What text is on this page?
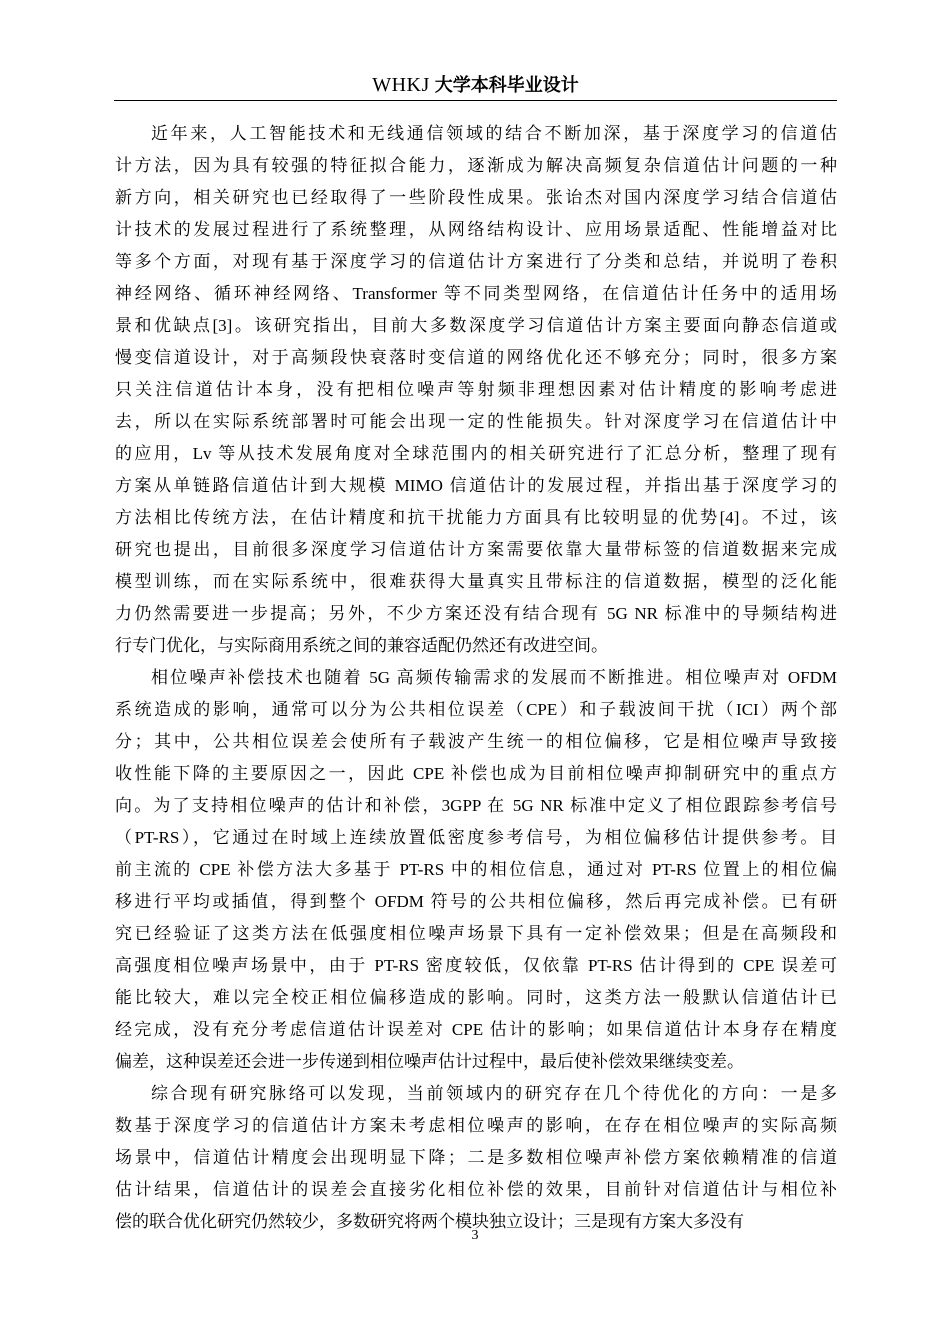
WHKJ 大学本科毕业设计
近年来，人工智能技术和无线通信领域的结合不断加深，基于深度学习的信道估
计方法，因为具有较强的特征拟合能力，逐渐成为解决高频复杂信道估计问题的一种
新方向，相关研究也已经取得了一些阶段性成果。张诒杰对国内深度学习结合信道估
计技术的发展过程进行了系统整理，从网络结构设计、应用场景适配、性能增益对比
等多个方面，对现有基于深度学习的信道估计方案进行了分类和总结，并说明了卷积
神经网络、循环神经网络、Transformer 等不同类型网络，在信道估计任务中的适用场
景和优缺点[3]。该研究指出，目前大多数深度学习信道估计方案主要面向静态信道或
慢变信道设计，对于高频段快衰落时变信道的网络优化还不够充分；同时，很多方案
只关注信道估计本身，没有把相位噪声等射频非理想因素对估计精度的影响考虑进
去，所以在实际系统部署时可能会出现一定的性能损失。针对深度学习在信道估计中
的应用，Lv 等从技术发展角度对全球范围内的相关研究进行了汇总分析，整理了现有
方案从单链路信道估计到大规模 MIMO 信道估计的发展过程，并指出基于深度学习的
方法相比传统方法，在估计精度和抗干扰能力方面具有比较明显的优势[4]。不过，该
研究也提出，目前很多深度学习信道估计方案需要依靠大量带标签的信道数据来完成
模型训练，而在实际系统中，很难获得大量真实且带标注的信道数据，模型的泛化能
力仍然需要进一步提高；另外，不少方案还没有结合现有 5G NR 标准中的导频结构进
行专门优化，与实际商用系统之间的兼容适配仍然还有改进空间。
相位噪声补偿技术也随着 5G 高频传输需求的发展而不断推进。相位噪声对 OFDM
系统造成的影响，通常可以分为公共相位误差（CPE）和子载波间干扰（ICI）两个部
分；其中，公共相位误差会使所有子载波产生统一的相位偏移，它是相位噪声导致接
收性能下降的主要原因之一，因此 CPE 补偿也成为目前相位噪声抑制研究中的重点方
向。为了支持相位噪声的估计和补偿，3GPP 在 5G NR 标准中定义了相位跟踪参考信号
（PT-RS），它通过在时域上连续放置低密度参考信号，为相位偏移估计提供参考。目
前主流的 CPE 补偿方法大多基于 PT-RS 中的相位信息，通过对 PT-RS 位置上的相位偏
移进行平均或插值，得到整个 OFDM 符号的公共相位偏移，然后再完成补偿。已有研
究已经验证了这类方法在低强度相位噪声场景下具有一定补偿效果；但是在高频段和
高强度相位噪声场景中，由于 PT-RS 密度较低，仅依靠 PT-RS 估计得到的 CPE 误差可
能比较大，难以完全校正相位偏移造成的影响。同时，这类方法一般默认信道估计已
经完成，没有充分考虑信道估计误差对 CPE 估计的影响；如果信道估计本身存在精度
偏差，这种误差还会进一步传递到相位噪声估计过程中，最后使补偿效果继续变差。
综合现有研究脉络可以发现，当前领域内的研究存在几个待优化的方向：一是多
数基于深度学习的信道估计方案未考虑相位噪声的影响，在存在相位噪声的实际高频
场景中，信道估计精度会出现明显下降；二是多数相位噪声补偿方案依赖精准的信道
估计结果，信道估计的误差会直接劣化相位补偿的效果，目前针对信道估计与相位补
偿的联合优化研究仍然较少，多数研究将两个模块独立设计；三是现有方案大多没有
3
